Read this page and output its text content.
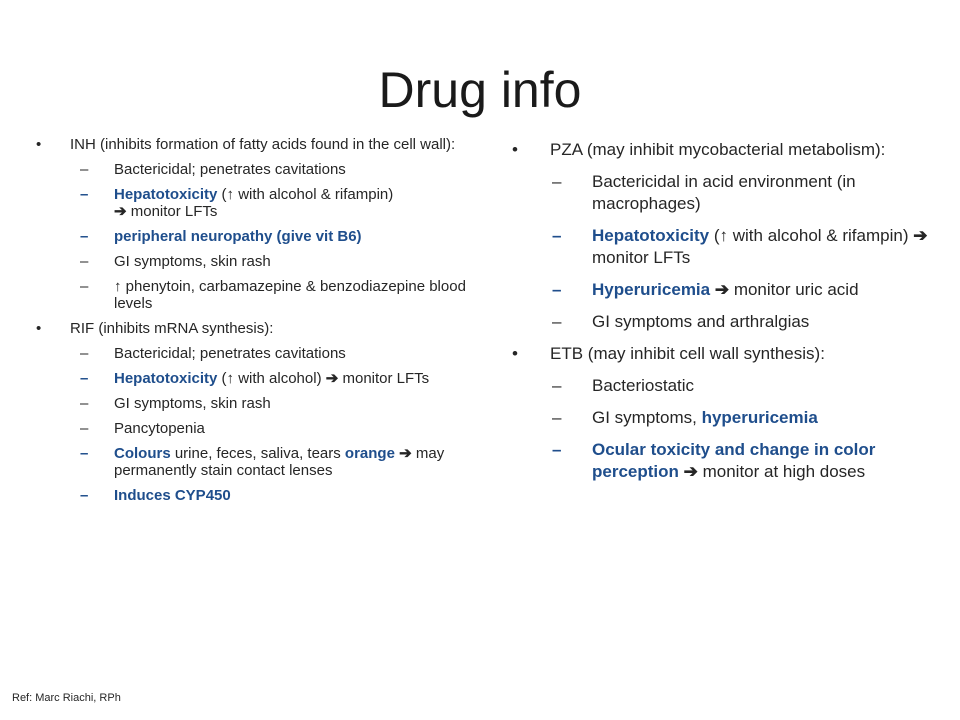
Drug info
• INH (inhibits formation of fatty acids found in the cell wall):
– Bactericidal; penetrates cavitations
– Hepatotoxicity (↑ with alcohol & rifampin)
➔ monitor LFTs
– peripheral neuropathy (give vit B6)
– GI symptoms, skin rash
– ↑ phenytoin, carbamazepine & benzodiazepine blood levels
• RIF (inhibits mRNA synthesis):
– Bactericidal; penetrates cavitations
– Hepatotoxicity (↑ with alcohol) ➔ monitor LFTs
– GI symptoms, skin rash
– Pancytopenia
– Colours urine, feces, saliva, tears orange ➔ may permanently stain contact lenses
– Induces CYP450
• PZA (may inhibit mycobacterial metabolism):
– Bactericidal in acid environment (in macrophages)
– Hepatotoxicity (↑ with alcohol & rifampin) ➔ monitor LFTs
– Hyperuricemia ➔ monitor uric acid
– GI symptoms and arthralgias
• ETB (may inhibit cell wall synthesis):
– Bacteriostatic
– GI symptoms, hyperuricemia
– Ocular toxicity and change in color perception ➔ monitor at high doses
Ref: Marc Riachi, RPh
